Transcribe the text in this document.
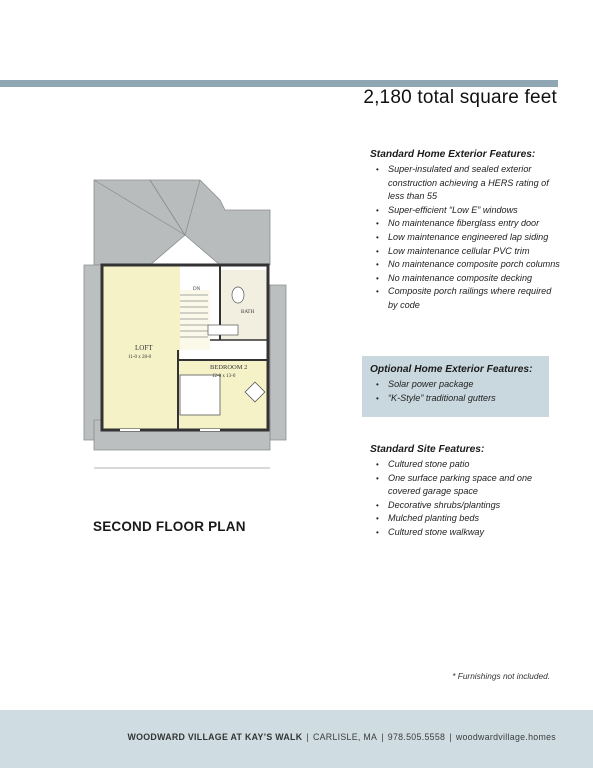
2,180 total square feet
LOFT
11-0 x 28-0
BEDROOM 2
12-0 x 13-0
DN
BATH
SECOND FLOOR PLAN
Standard Home Exterior Features:
• Super-insulated and sealed exterior construction achieving a HERS rating of less than 55
• Super-efficient “Low E” windows
• No maintenance fiberglass entry door
• Low maintenance engineered lap siding
• Low maintenance cellular PVC trim
• No maintenance composite porch columns
• No maintenance composite decking
• Composite porch railings where required by code
Optional Home Exterior Features:
• Solar power package
• “K-Style” traditional gutters
Standard Site Features:
• Cultured stone patio
• One surface parking space and one covered garage space
• Decorative shrubs/plantings
• Mulched planting beds
• Cultured stone walkway
* Furnishings not included.
WOODWARD VILLAGE AT KAY’S WALK | CARLISLE, MA | 978.505.5558 | woodwardvillage.homes
